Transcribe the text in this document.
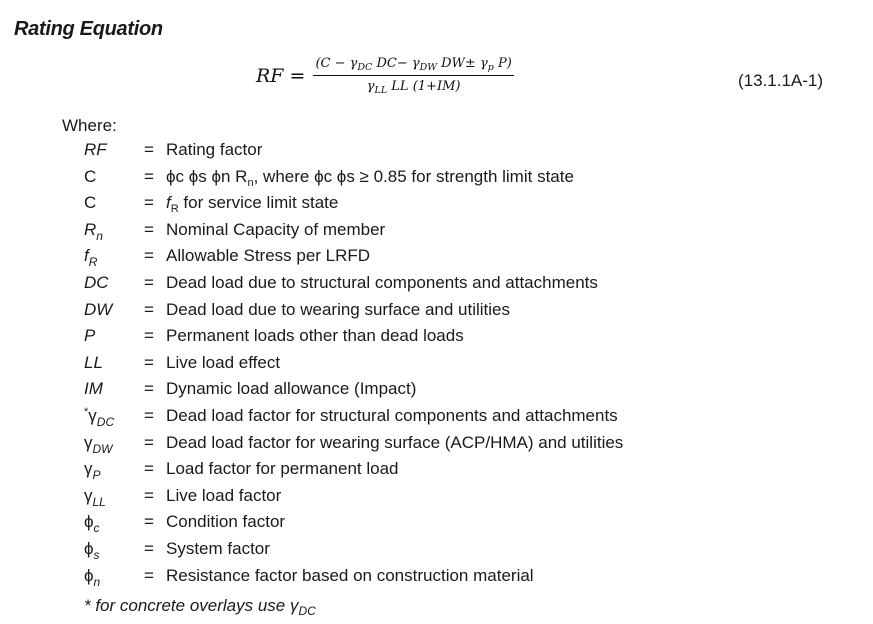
Rating Equation
RF = $\frac{(C - \gamma_{DC} DC- \gamma_{DW} DW\pm \gamma_p P)}{\gamma_{LL} LL (1+IM)}$	(13.1.1A-1)
Where:
RF	= Rating factor
C	= ϕc ϕs ϕn $R_n$, where ϕc ϕs ≥ 0.85 for strength limit state
C	= $f_R$ for service limit state
$R_n$	= Nominal Capacity of member
$f_R$	= Allowable Stress per LRFD
DC	= Dead load due to structural components and attachments
DW	= Dead load due to wearing surface and utilities
P	= Permanent loads other than dead loads
LL	= Live load effect
IM	= Dynamic load allowance (Impact)
$^*\gamma_{DC}$	= Dead load factor for structural components and attachments
$\gamma_{DW}$	= Dead load factor for wearing surface (ACP/HMA) and utilities
$\gamma_P$	= Load factor for permanent load
$\gamma_{LL}$	= Live load factor
$\phi_c$	= Condition factor
$\phi_s$	= System factor
$\phi_n$	= Resistance factor based on construction material
* for concrete overlays use $\gamma_{DC}$
